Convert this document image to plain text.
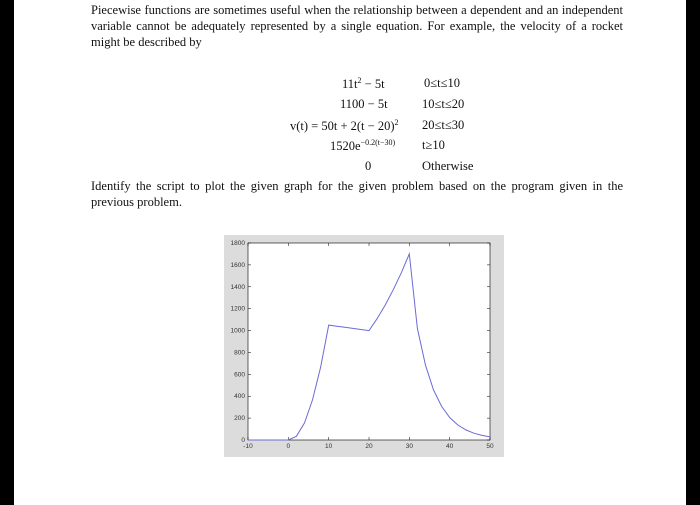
Piecewise functions are sometimes useful when the relationship between a dependent and an independent variable cannot be adequately represented by a single equation. For example, the velocity of a rocket might be described by

$11t^2 - 5t$	0≤t≤10
1100 − 5t	10≤t≤20
$v(t) = 50t + 2(t - 20)^2$ 20≤t≤30
$1520e^{-0.2(t-30)}$ t≥10
0	Otherwise

Identify the script to plot the given graph for the given problem based on the program given in the previous problem.

0
200
400
600
800
1000
1200
1400
1600
1800
-10	0	10	20	30	40	50
